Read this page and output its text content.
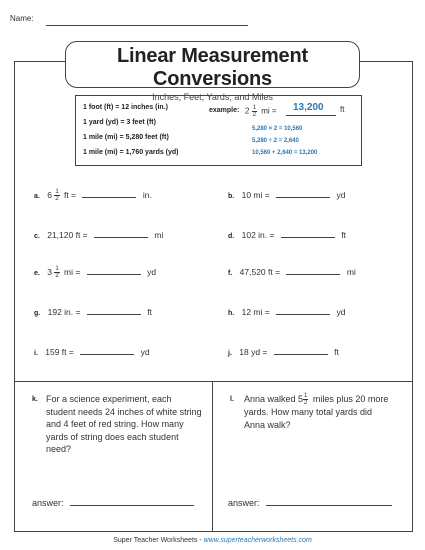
Name:
Linear Measurement Conversions
Inches, Feet, Yards, and Miles
1 foot (ft) = 12 inches (in.)
1 yard (yd) = 3 feet (ft)
1 mile (mi) = 5,280 feet (ft)
1 mile (mi) = 1,760 yards (yd)
example: $2 \frac{1}{2}$ mi = 13,200 ft
5,280 × 2 = 10,560
5,280 ÷ 2 = 2,640
10,560 + 2,640 = 13,200
a. $6 \frac{1}{2}$ ft =	in.
c. 21,120 ft =	mi
e. $3 \frac{1}{2}$ mi =	yd
g. 192 in. =	ft
i. 159 ft =	yd
b. 10 mi =	yd
d. 102 in. =	ft
f. 47,520 ft =	mi
h. 12 mi =	yd
j. 18 yd =	ft
k. For a science experiment, each student needs 24 inches of white string and 4 feet of red string. How many yards of string does each student need?
answer:
l. Anna walked $5 \frac{1}{2}$ miles plus 20 more yards. How many total yards did Anna walk?
answer:
Super Teacher Worksheets - www.superteacherworksheets.com
